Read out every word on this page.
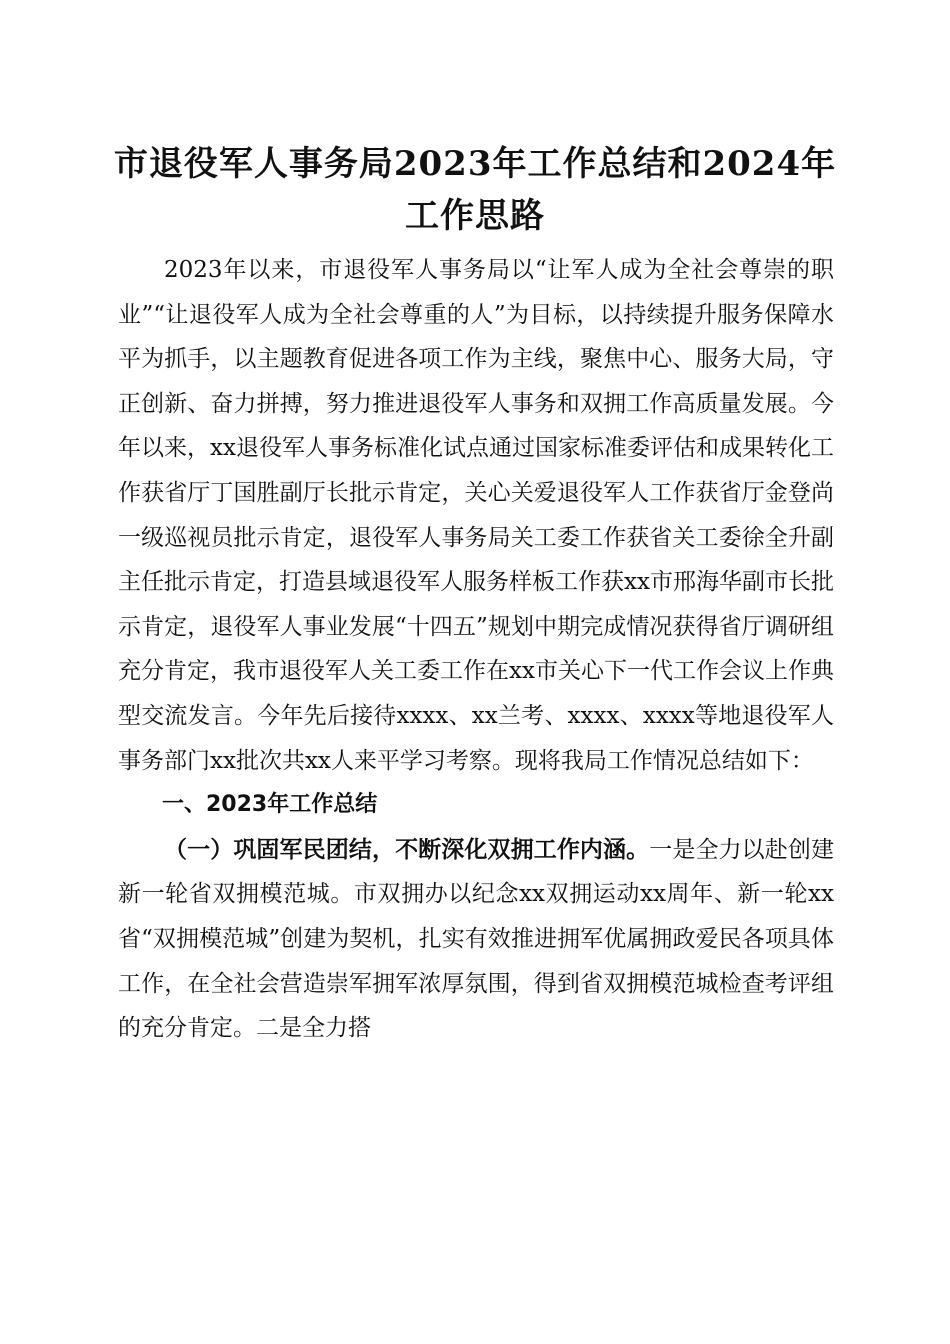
市退役军人事务局2023年工作总结和2024年
工作思路

2023年以来，市退役军人事务局以“让军人成为全社会尊崇的职业”“让退役军人成为全社会尊重的人”为目标，以持续提升服务保障水平为抓手，以主题教育促进各项工作为主线，聚焦中心、服务大局，守正创新、奋力拼搏，努力推进退役军人事务和双拥工作高质量发展。今年以来，xx退役军人事务标准化试点通过国家标准委评估和成果转化工作获省厅丁国胜副厅长批示肯定，关心关爱退役军人工作获省厅金登尚一级巡视员批示肯定，退役军人事务局关工委工作获省关工委徐全升副主任批示肯定，打造县域退役军人服务样板工作获xx市邢海华副市长批示肯定，退役军人事业发展“十四五”规划中期完成情况获得省厅调研组充分肯定，我市退役军人关工委工作在xx市关心下一代工作会议上作典型交流发言。今年先后接待xxxx、xx兰考、xxxx、xxxx等地退役军人事务部门xx批次共xx人来平学习考察。现将我局工作情况总结如下：

一、2023年工作总结

（一）巩固军民团结，不断深化双拥工作内涵。一是全力以赴创建新一轮省双拥模范城。市双拥办以纪念xx双拥运动xx周年、新一轮xx省“双拥模范城”创建为契机，扎实有效推进拥军优属拥政爱民各项具体工作，在全社会营造崇军拥军浓厚氛围，得到省双拥模范城检查考评组的充分肯定。二是全力搭
